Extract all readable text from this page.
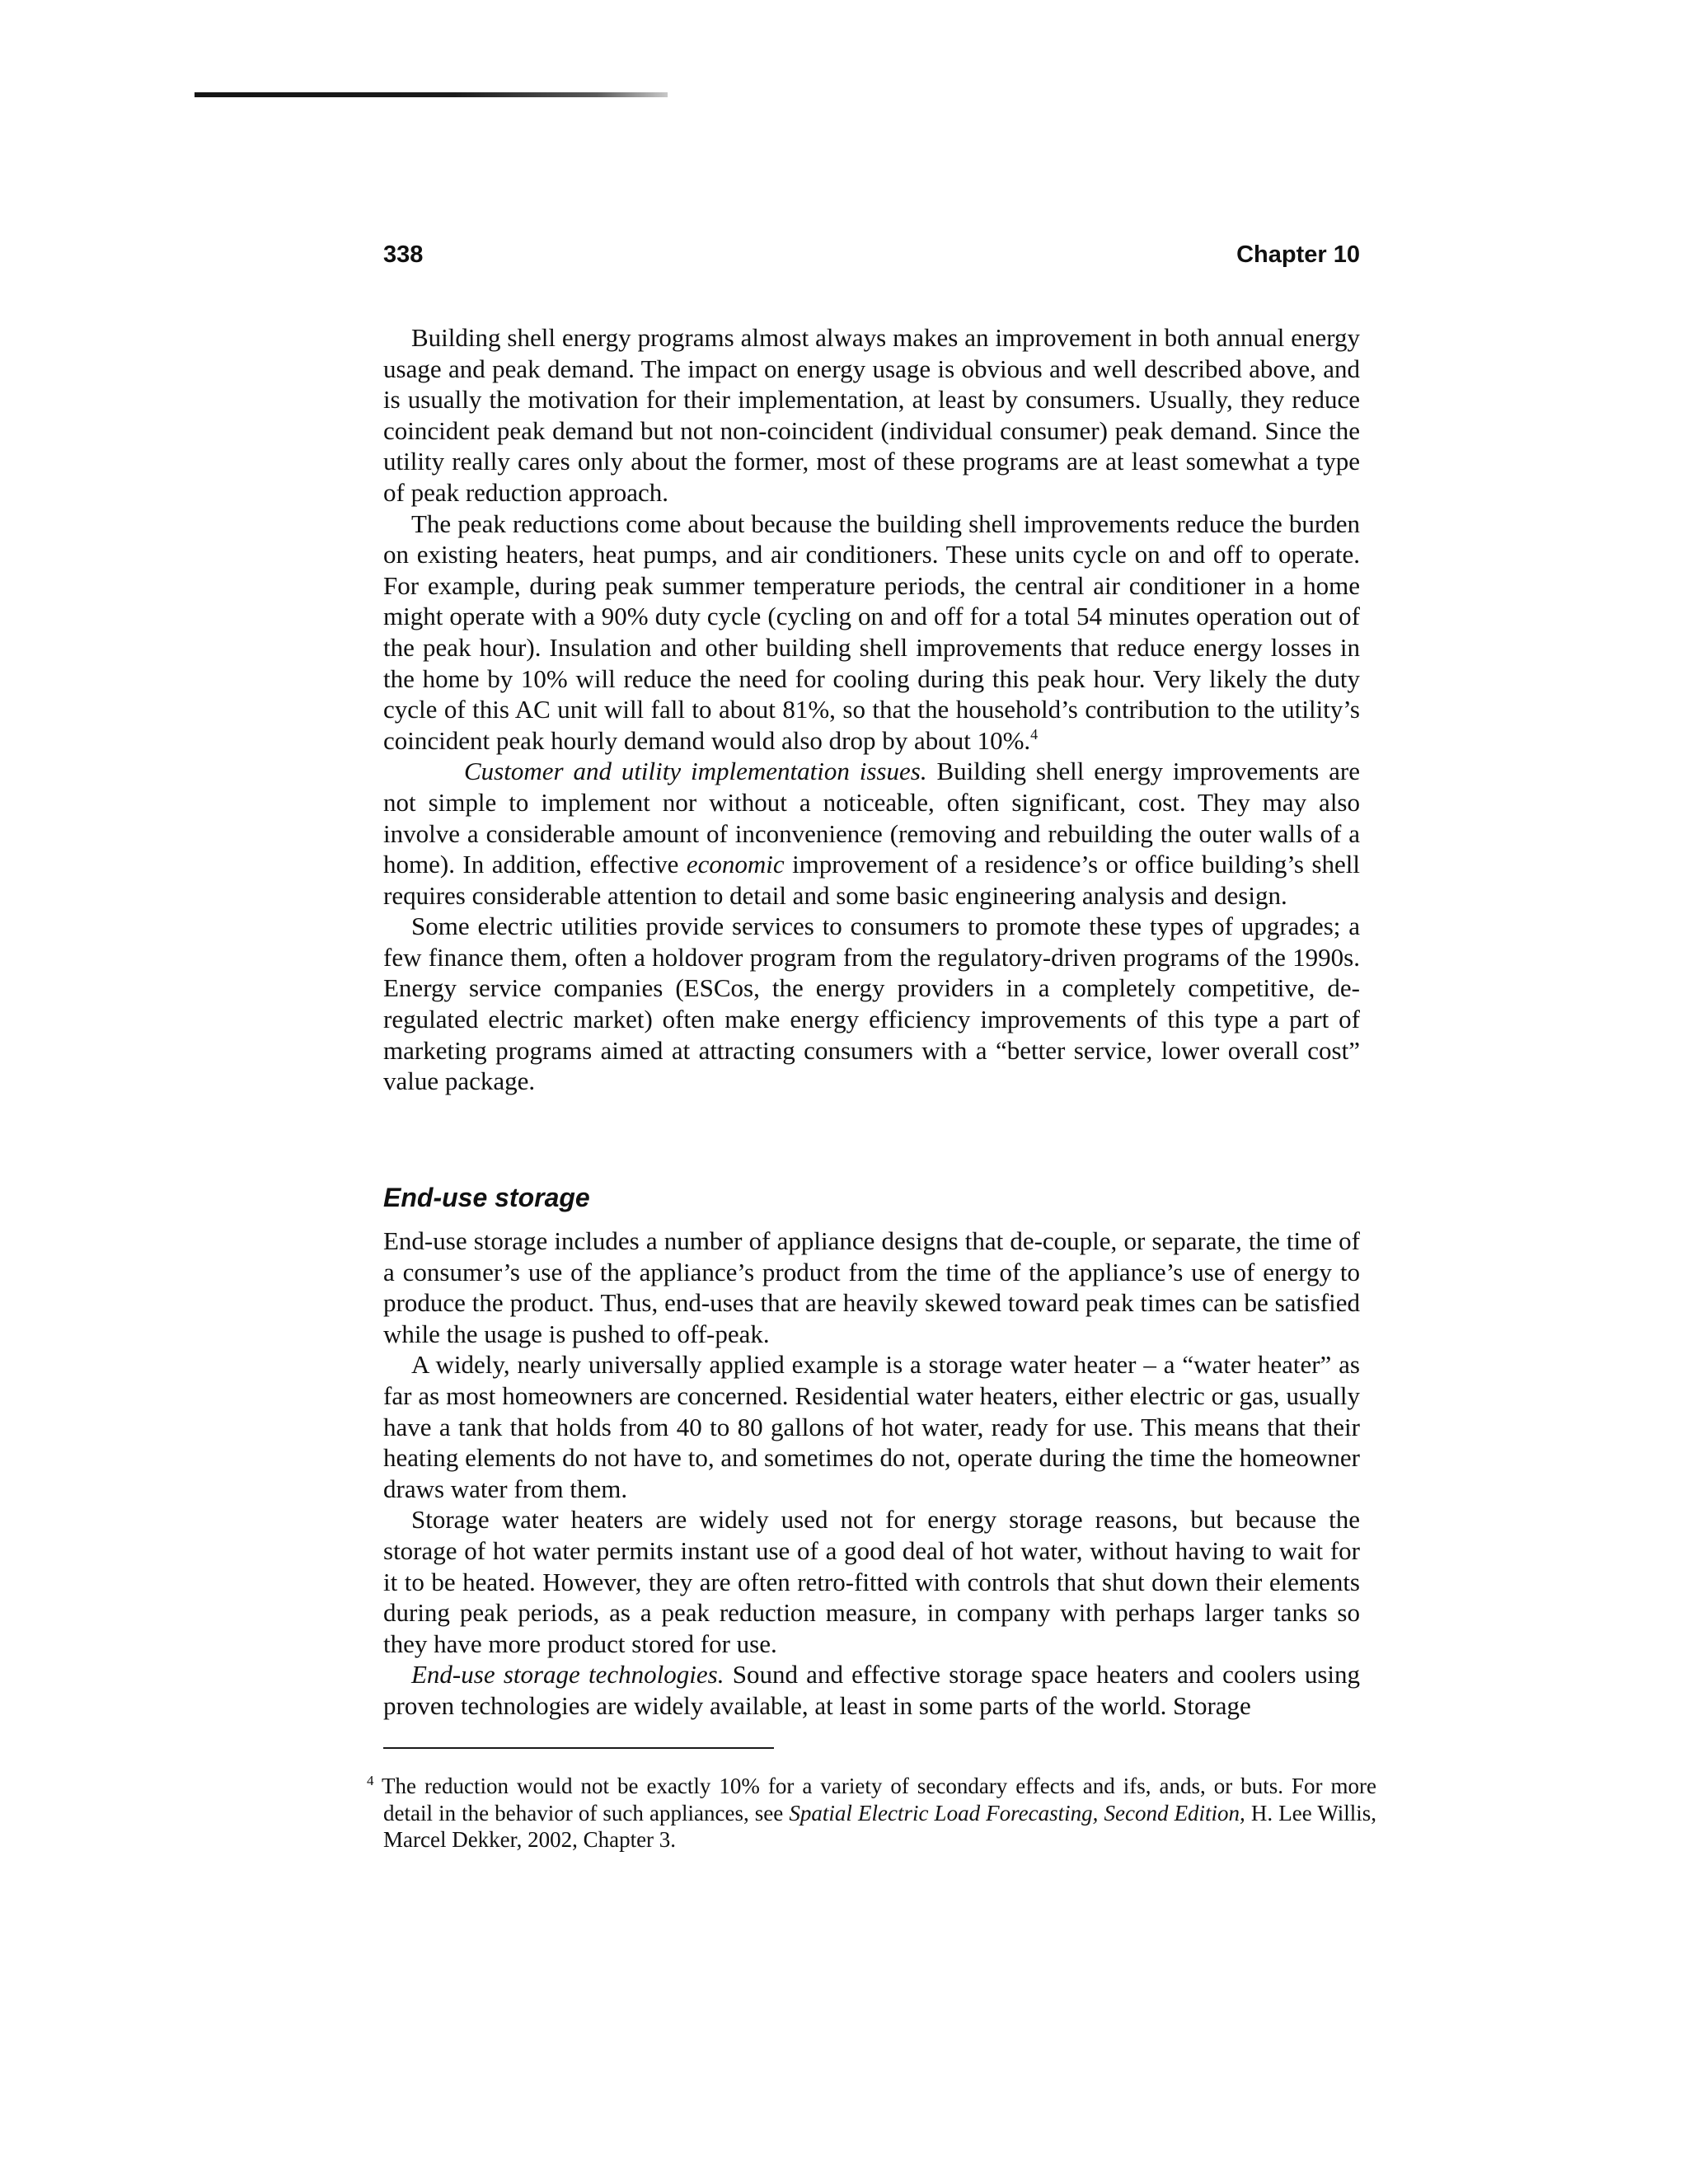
338	Chapter 10

Building shell energy programs almost always makes an improvement in both annual energy usage and peak demand. The impact on energy usage is obvious and well described above, and is usually the motivation for their implementation, at least by consumers. Usually, they reduce coincident peak demand but not non-coincident (individual consumer) peak demand. Since the utility really cares only about the former, most of these programs are at least somewhat a type of peak reduction approach.

The peak reductions come about because the building shell improvements reduce the burden on existing heaters, heat pumps, and air conditioners. These units cycle on and off to operate. For example, during peak summer temperature periods, the central air conditioner in a home might operate with a 90% duty cycle (cycling on and off for a total 54 minutes operation out of the peak hour). Insulation and other building shell improvements that reduce energy losses in the home by 10% will reduce the need for cooling during this peak hour. Very likely the duty cycle of this AC unit will fall to about 81%, so that the household’s contribution to the utility’s coincident peak hourly demand would also drop by about 10%.$^4$

Customer and utility implementation issues. Building shell energy improvements are not simple to implement nor without a noticeable, often significant, cost. They may also involve a considerable amount of inconvenience (removing and rebuilding the outer walls of a home). In addition, effective economic improvement of a residence’s or office building’s shell requires considerable attention to detail and some basic engineering analysis and design.

Some electric utilities provide services to consumers to promote these types of upgrades; a few finance them, often a holdover program from the regulatory-driven programs of the 1990s. Energy service companies (ESCos, the energy providers in a completely competitive, de-regulated electric market) often make energy efficiency improvements of this type a part of marketing programs aimed at attracting consumers with a “better service, lower overall cost” value package.

End-use storage

End-use storage includes a number of appliance designs that de-couple, or separate, the time of a consumer’s use of the appliance’s product from the time of the appliance’s use of energy to produce the product. Thus, end-uses that are heavily skewed toward peak times can be satisfied while the usage is pushed to off-peak.

A widely, nearly universally applied example is a storage water heater – a “water heater” as far as most homeowners are concerned. Residential water heaters, either electric or gas, usually have a tank that holds from 40 to 80 gallons of hot water, ready for use. This means that their heating elements do not have to, and sometimes do not, operate during the time the homeowner draws water from them.

Storage water heaters are widely used not for energy storage reasons, but because the storage of hot water permits instant use of a good deal of hot water, without having to wait for it to be heated. However, they are often retro-fitted with controls that shut down their elements during peak periods, as a peak reduction measure, in company with perhaps larger tanks so they have more product stored for use.

End-use storage technologies. Sound and effective storage space heaters and coolers using proven technologies are widely available, at least in some parts of the world. Storage

$^4$ The reduction would not be exactly 10% for a variety of secondary effects and ifs, ands, or buts. For more detail in the behavior of such appliances, see Spatial Electric Load Forecasting, Second Edition, H. Lee Willis, Marcel Dekker, 2002, Chapter 3.
